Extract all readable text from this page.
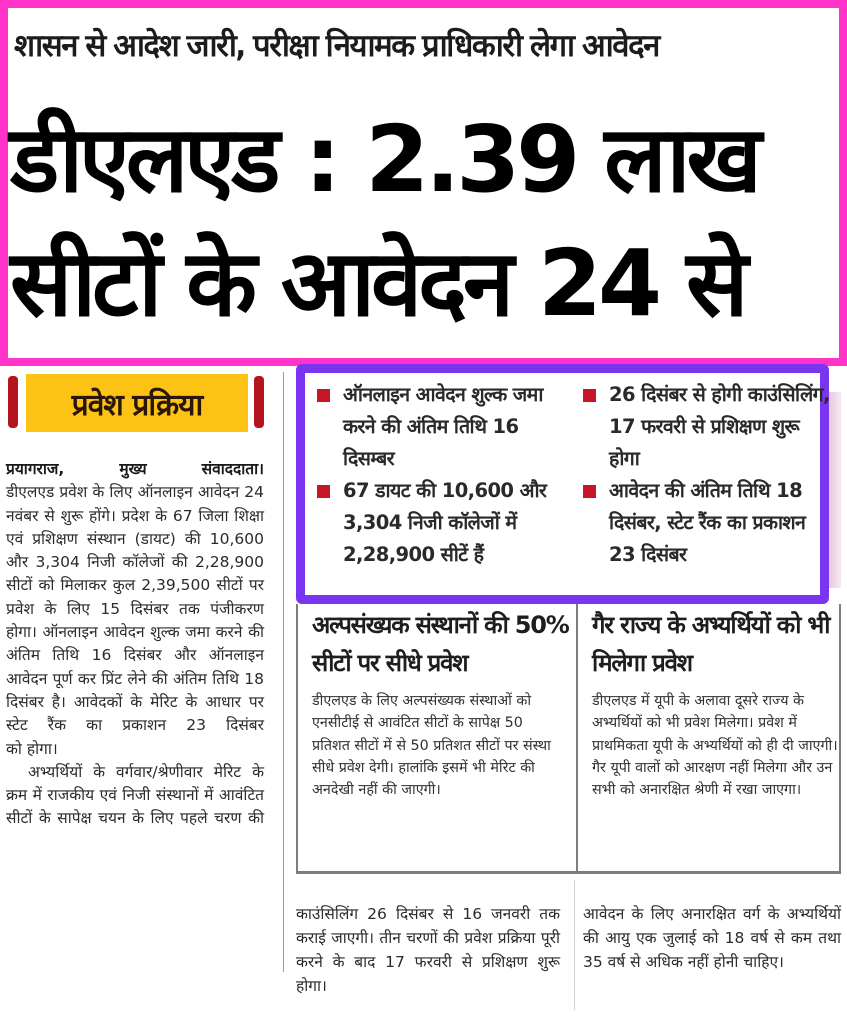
शासन से आदेश जारी, परीक्षा नियामक प्राधिकारी लेगा आवेदन
डीएलएड : 2.39 लाख
सीटों के आवेदन 24 से
प्रवेश प्रक्रिया

प्रयागराज, मुख्य संवाददाता।

डीएलएड प्रवेश के लिए ऑनलाइन आवेदन 24 नवंबर से शुरू होंगे। प्रदेश के 67 जिला शिक्षा एवं प्रशिक्षण संस्थान (डायट) की 10,600 और 3,304 निजी कॉलेजों की 2,28,900 सीटों को मिलाकर कुल 2,39,500 सीटों पर प्रवेश के लिए 15 दिसंबर तक पंजीकरण होगा। ऑनलाइन आवेदन शुल्क जमा करने की अंतिम तिथि 16 दिसंबर और ऑनलाइन आवेदन पूर्ण कर प्रिंट लेने की अंतिम तिथि 18 दिसंबर है। आवेदकों के मेरिट के आधार पर स्टेट रैंक का प्रकाशन 23 दिसंबर

को होगा।

अभ्यर्थियों के वर्गवार/श्रेणीवार मेरिट के क्रम में राजकीय एवं निजी संस्थानों में आवंटित सीटों के सापेक्ष चयन के लिए पहले चरण की

ऑनलाइन आवेदन शुल्क जमा करने की अंतिम तिथि 16 दिसम्बर
67 डायट की 10,600 और 3,304 निजी कॉलेजों में 2,28,900 सीटें हैं
26 दिसंबर से होगी काउंसिलिंग, 17 फरवरी से प्रशिक्षण शुरू होगा
आवेदन की अंतिम तिथि 18 दिसंबर, स्टेट रैंक का प्रकाशन 23 दिसंबर
अल्पसंख्यक संस्थानों की 50% सीटों पर सीधे प्रवेश
डीएलएड के लिए अल्पसंख्यक संस्थाओं को एनसीटीई से आवंटित सीटों के सापेक्ष 50 प्रतिशत सीटों में से 50 प्रतिशत सीटों पर संस्था सीधे प्रवेश देगी। हालांकि इसमें भी मेरिट की अनदेखी नहीं की जाएगी।
गैर राज्य के अभ्यर्थियों को भी मिलेगा प्रवेश
डीएलएड में यूपी के अलावा दूसरे राज्य के अभ्यर्थियों को भी प्रवेश मिलेगा। प्रवेश में प्राथमिकता यूपी के अभ्यर्थियों को ही दी जाएगी। गैर यूपी वालों को आरक्षण नहीं मिलेगा और उन सभी को अनारक्षित श्रेणी में रखा जाएगा।

काउंसिलिंग 26 दिसंबर से 16 जनवरी तक कराई जाएगी। तीन चरणों की प्रवेश प्रक्रिया पूरी करने के बाद 17 फरवरी से प्रशिक्षण शुरू होगा।

आवेदन के लिए अनारक्षित वर्ग के अभ्यर्थियों की आयु एक जुलाई को 18 वर्ष से कम तथा 35 वर्ष से अधिक नहीं होनी चाहिए।
